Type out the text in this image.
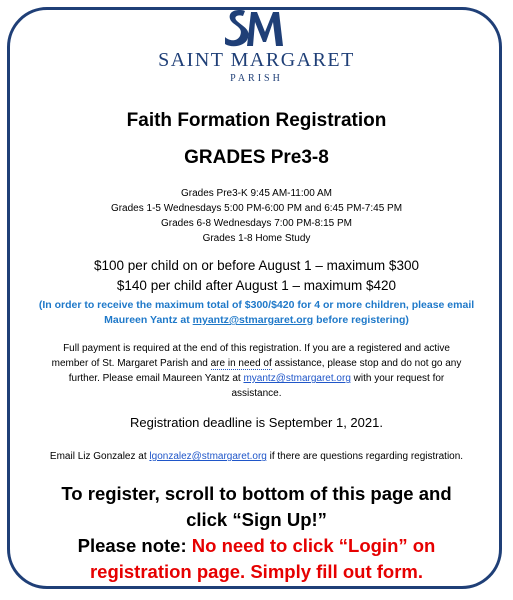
SAINT MARGARET
PARISH
Faith Formation Registration
GRADES Pre3-8
Grades Pre3-K 9:45 AM-11:00 AM
Grades 1-5 Wednesdays 5:00 PM-6:00 PM and 6:45 PM-7:45 PM
Grades 6-8 Wednesdays 7:00 PM-8:15 PM
Grades 1-8 Home Study
$100 per child on or before August 1 – maximum $300
$140 per child after August 1 – maximum $420
(In order to receive the maximum total of $300/$420 for 4 or more children, please email Maureen Yantz at myantz@stmargaret.org before registering)
Full payment is required at the end of this registration. If you are a registered and active member of St. Margaret Parish and are in need of assistance, please stop and do not go any further. Please email Maureen Yantz at myantz@stmargaret.org with your request for assistance.
Registration deadline is September 1, 2021.
Email Liz Gonzalez at lgonzalez@stmargaret.org if there are questions regarding registration.
To register, scroll to bottom of this page and
click “Sign Up!”
Please note: No need to click “Login” on
registration page. Simply fill out form.
